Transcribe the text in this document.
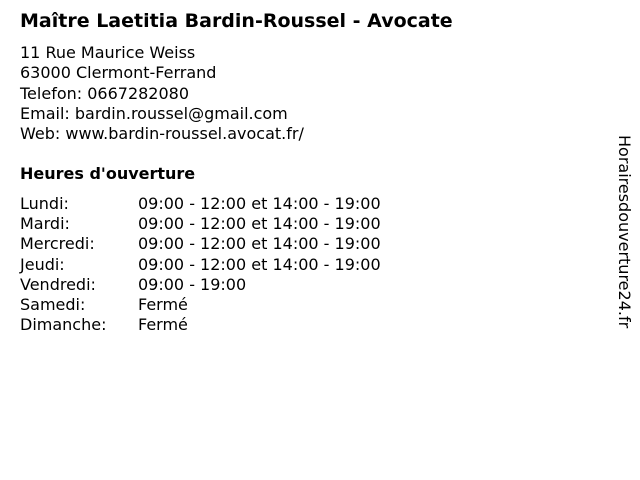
Maître Laetitia Bardin-Roussel - Avocate
11 Rue Maurice Weiss
63000 Clermont-Ferrand
Telefon: 0667282080
Email: bardin.roussel@gmail.com
Web: www.bardin-roussel.avocat.fr/
Heures d'ouverture
Lundi:	09:00 - 12:00 et 14:00 - 19:00
Mardi:	09:00 - 12:00 et 14:00 - 19:00
Mercredi:	09:00 - 12:00 et 14:00 - 19:00
Jeudi:	09:00 - 12:00 et 14:00 - 19:00
Vendredi:	09:00 - 19:00
Samedi:	Fermé
Dimanche:	Fermé	Horairesdouverture24.fr
